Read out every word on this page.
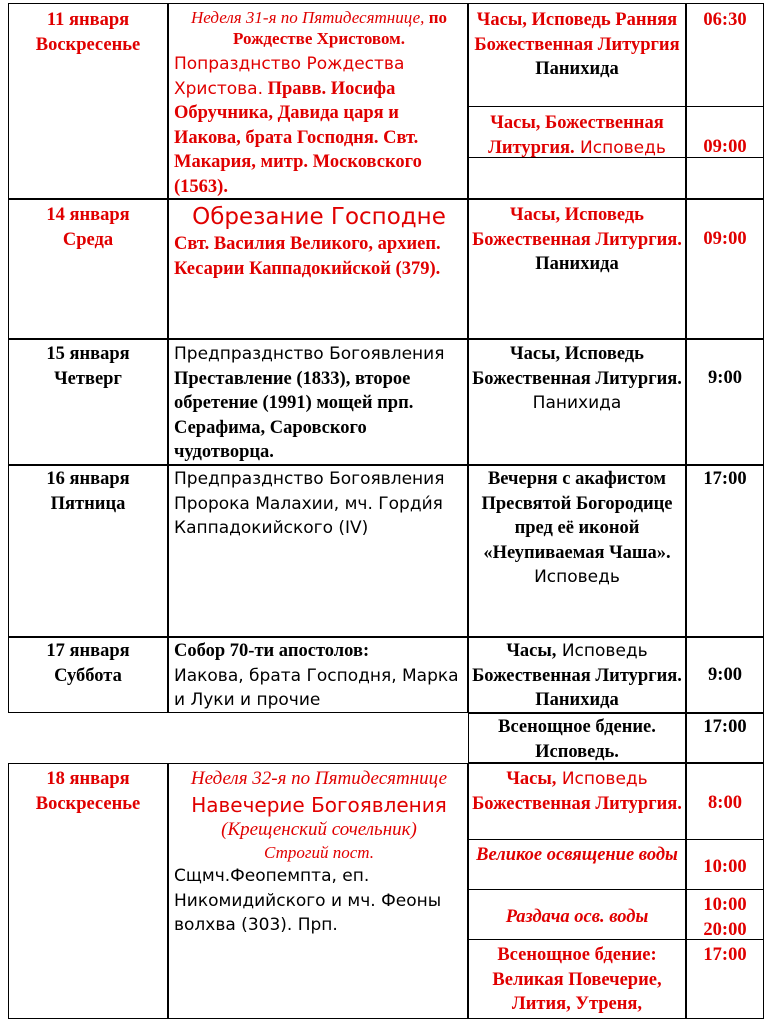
11 января
Воскресенье
Неделя 31-я по Пятидесятнице, по
Рождестве Христовом.
Попразднство Рождества Христова. Правв. Иосифа Обручника, Давида царя и Иакова, брата Господня. Свт. Макария, митр. Московского (1563).
Часы, Исповедь Ранняя Божественная Литургия Панихида
06:30
Часы, Божественная Литургия. Исповедь	09:00
14 января
Среда
Обрезание Господне
Свт. Василия Великого, архиеп. Кесарии Каппадокийской (379).
Часы, Исповедь Божественная Литургия. Панихида
09:00
15 января
Четверг
Предпразднство Богоявления
Преставление (1833), второе обретение (1991) мощей прп. Серафима, Саровского чудотворца.
Часы, Исповедь Божественная Литургия. Панихида
9:00
16 января
Пятница
Предпразднство Богоявления Пророка Малахии, мч. Горди́я Каппадокийского (IV)
Вечерня с акафистом Пресвятой Богородице пред её иконой «Неупиваемая Чаша». Исповедь
17:00
17 января
Суббота
Собор 70-ти апостолов:
Иакова, брата Господня, Марка и Луки и прочие
Часы, Исповедь
Божественная Литургия. Панихида
9:00
Всенощное бдение. Исповедь.
17:00
18 января
Воскресенье
Неделя 32-я по Пятидесятнице
Навечерие Богоявления
(Крещенский сочельник)
Строгий пост.
Сщмч.Феопемпта, еп. Никомидийского и мч. Феоны волхва (303). Прп.
Часы, Исповедь
Божественная Литургия.	8:00
Великое освящение воды
10:00
Раздача осв. воды
10:00
20:00
Всенощное бдение: Великая Повечерие, Лития, Утреня,
17:00
